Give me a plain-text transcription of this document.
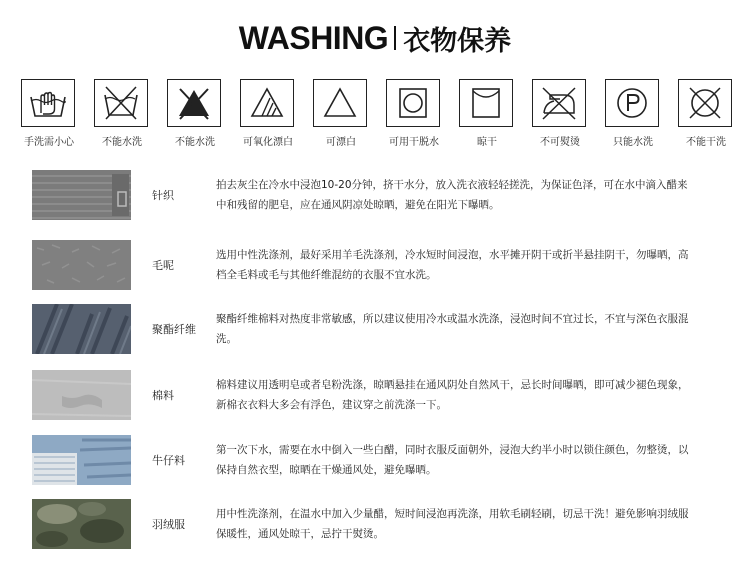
WASHING 衣物保养
手洗需小心	不能水洗	不能水洗	可氧化漂白	可漂白	可用干脱水	晾干	不可熨烫	只能水洗	不能干洗
针织
拍去灰尘在冷水中浸泡10-20分钟，挤干水分，放入洗衣液轻轻搓洗，为保证色泽，可在水中滴入醋来中和残留的肥皂，应在通风阴凉处晾晒，避免在阳光下曝晒。
毛呢
选用中性洗涤剂，最好采用羊毛洗涤剂，冷水短时间浸泡，水平摊开阴干或折半悬挂阴干，勿曝晒，高档全毛料或毛与其他纤维混纺的衣服不宜水洗。
聚酯纤维
聚酯纤维棉料对热度非常敏感，所以建议使用冷水或温水洗涤，浸泡时间不宜过长，不宜与深色衣服混洗。
棉料
棉料建议用透明皂或者皂粉洗涤，晾晒悬挂在通风阴处自然风干，忌长时间曝晒，即可减少褪色现象，新棉衣衣料大多会有浮色，建议穿之前洗涤一下。
牛仔料
第一次下水，需要在水中倒入一些白醋，同时衣服反面朝外，浸泡大约半小时以锁住颜色，勿整烫，以保持自然衣型，晾晒在干燥通风处，避免曝晒。
羽绒服
用中性洗涤剂，在温水中加入少量醋，短时间浸泡再洗涤，用软毛刷轻刷，切忌干洗！避免影响羽绒服保暖性，通风处晾干，忌拧干熨烫。
